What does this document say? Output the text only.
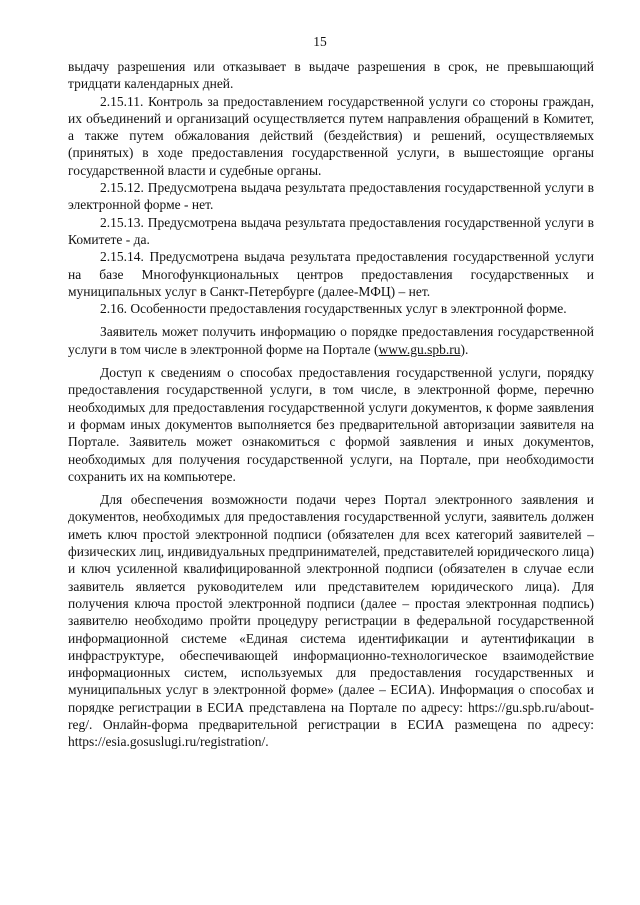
15

выдачу разрешения или отказывает в выдаче разрешения в срок, не превышающий тридцати календарных дней.

2.15.11. Контроль за предоставлением государственной услуги со стороны граждан, их объединений и организаций осуществляется путем направления обращений в Комитет, а также путем обжалования действий (бездействия) и решений, осуществляемых (принятых) в ходе предоставления государственной услуги, в вышестоящие органы государственной власти и судебные органы.

2.15.12. Предусмотрена выдача результата предоставления государственной услуги в электронной форме - нет.

2.15.13. Предусмотрена выдача результата предоставления государственной услуги в Комитете - да.

2.15.14. Предусмотрена выдача результата предоставления государственной услуги на базе Многофункциональных центров предоставления государственных и муниципальных услуг в Санкт-Петербурге (далее-МФЦ) – нет.

2.16. Особенности предоставления государственных услуг в электронной форме.

Заявитель может получить информацию о порядке предоставления государственной услуги в том числе в электронной форме на Портале (www.gu.spb.ru).

Доступ к сведениям о способах предоставления государственной услуги, порядку предоставления государственной услуги, в том числе, в электронной форме, перечню необходимых для предоставления государственной услуги документов, к форме заявления и формам иных документов выполняется без предварительной авторизации заявителя на Портале. Заявитель может ознакомиться с формой заявления и иных документов, необходимых для получения государственной услуги, на Портале, при необходимости сохранить их на компьютере.

Для обеспечения возможности подачи через Портал электронного заявления и документов, необходимых для предоставления государственной услуги, заявитель должен иметь ключ простой электронной подписи (обязателен для всех категорий заявителей – физических лиц, индивидуальных предпринимателей, представителей юридического лица) и ключ усиленной квалифицированной электронной подписи (обязателен в случае если заявитель является руководителем или представителем юридического лица). Для получения ключа простой электронной подписи (далее – простая электронная подпись) заявителю необходимо пройти процедуру регистрации в федеральной государственной информационной системе «Единая система идентификации и аутентификации в инфраструктуре, обеспечивающей информационно-технологическое взаимодействие информационных систем, используемых для предоставления государственных и муниципальных услуг в электронной форме» (далее – ЕСИА). Информация о способах и порядке регистрации в ЕСИА представлена на Портале по адресу: https://gu.spb.ru/about-reg/. Онлайн-форма предварительной регистрации в ЕСИА размещена по адресу: https://esia.gosuslugi.ru/registration/.
